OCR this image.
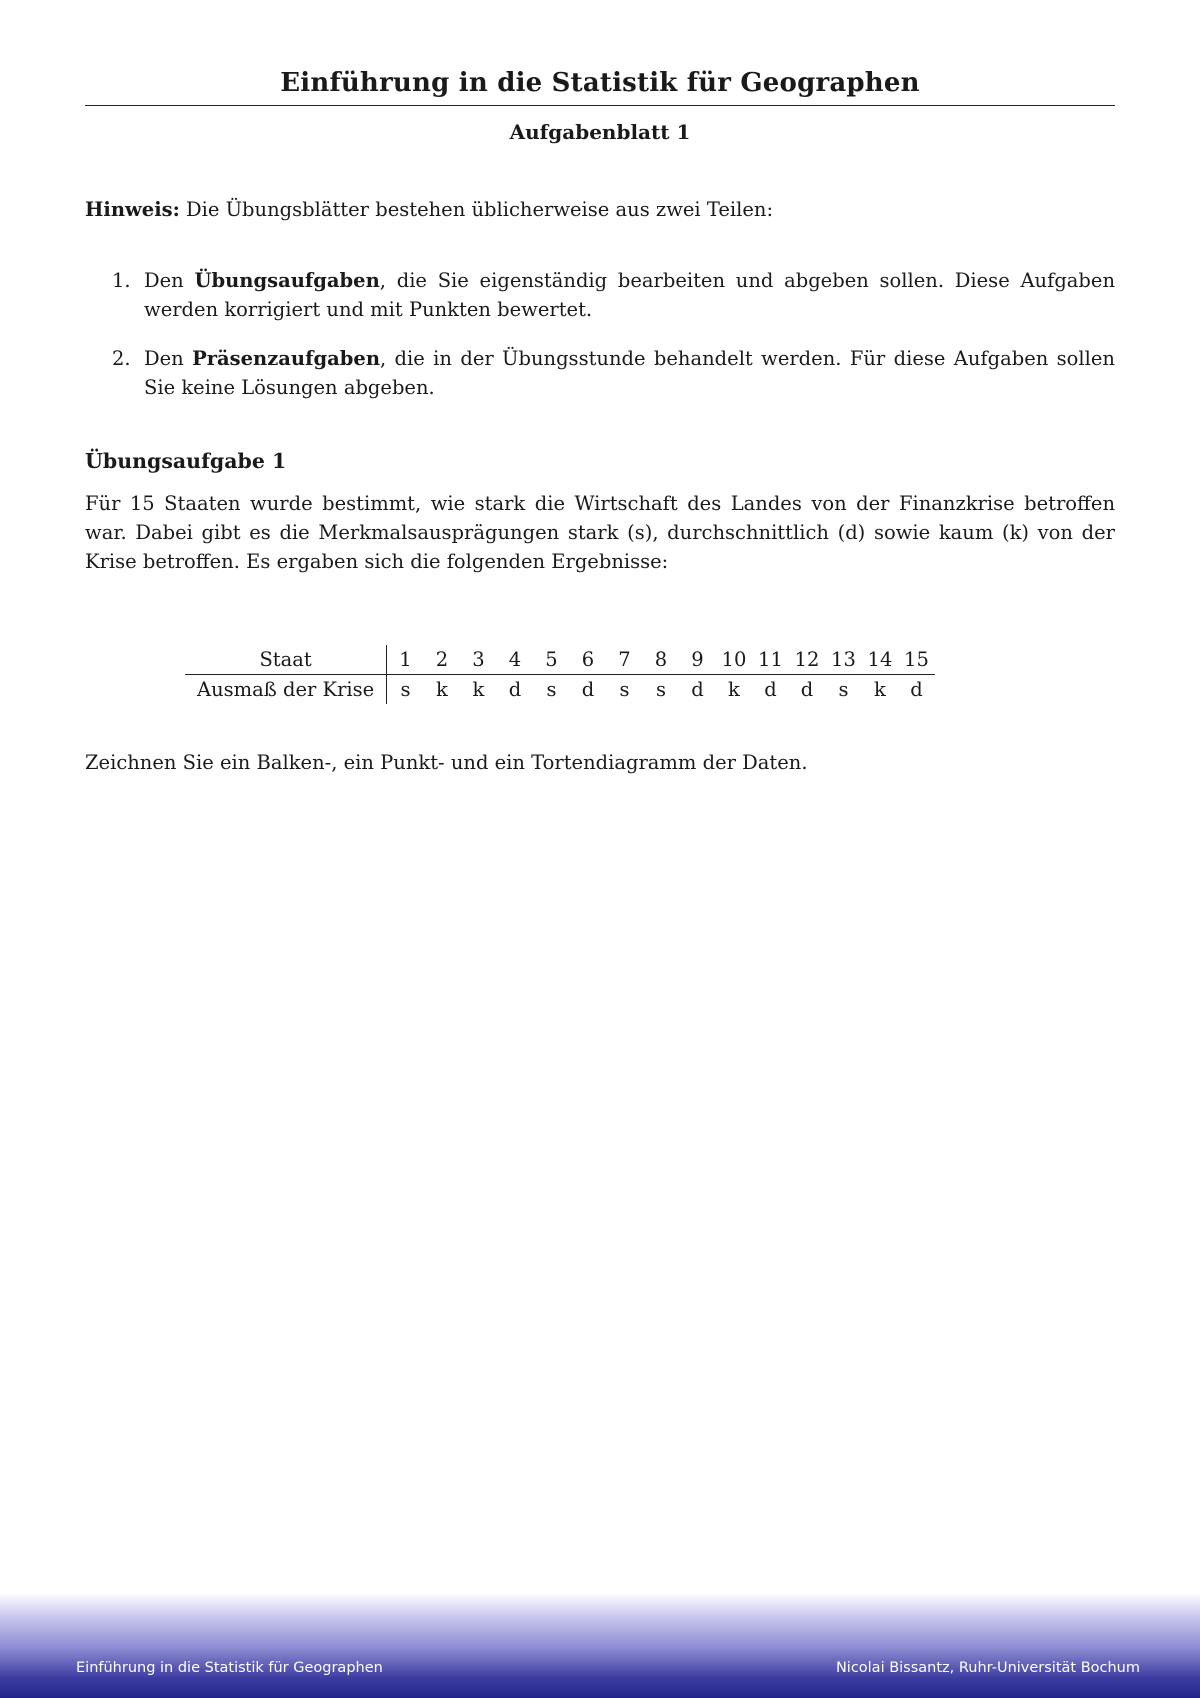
Einführung in die Statistik für Geographen
Aufgabenblatt 1
Hinweis: Die Übungsblätter bestehen üblicherweise aus zwei Teilen:
1. Den Übungsaufgaben, die Sie eigenständig bearbeiten und abgeben sollen. Diese Aufgaben werden korrigiert und mit Punkten bewertet.
2. Den Präsenzaufgaben, die in der Übungsstunde behandelt werden. Für diese Aufgaben sollen Sie keine Lösungen abgeben.
Übungsaufgabe 1
Für 15 Staaten wurde bestimmt, wie stark die Wirtschaft des Landes von der Finanzkrise betroffen war. Dabei gibt es die Merkmalsausprägungen stark (s), durchschnittlich (d) sowie kaum (k) von der Krise betroffen. Es ergaben sich die folgenden Ergebnisse:
Staat	1	2	3	4	5	6	7	8	9	10	11	12	13	14	15
Ausmaß der Krise	s	k	k	d	s	d	s	s	d	k	d	d	s	k	d
Zeichnen Sie ein Balken-, ein Punkt- und ein Tortendiagramm der Daten.
Einführung in die Statistik für Geographen	Nicolai Bissantz, Ruhr-Universität Bochum
